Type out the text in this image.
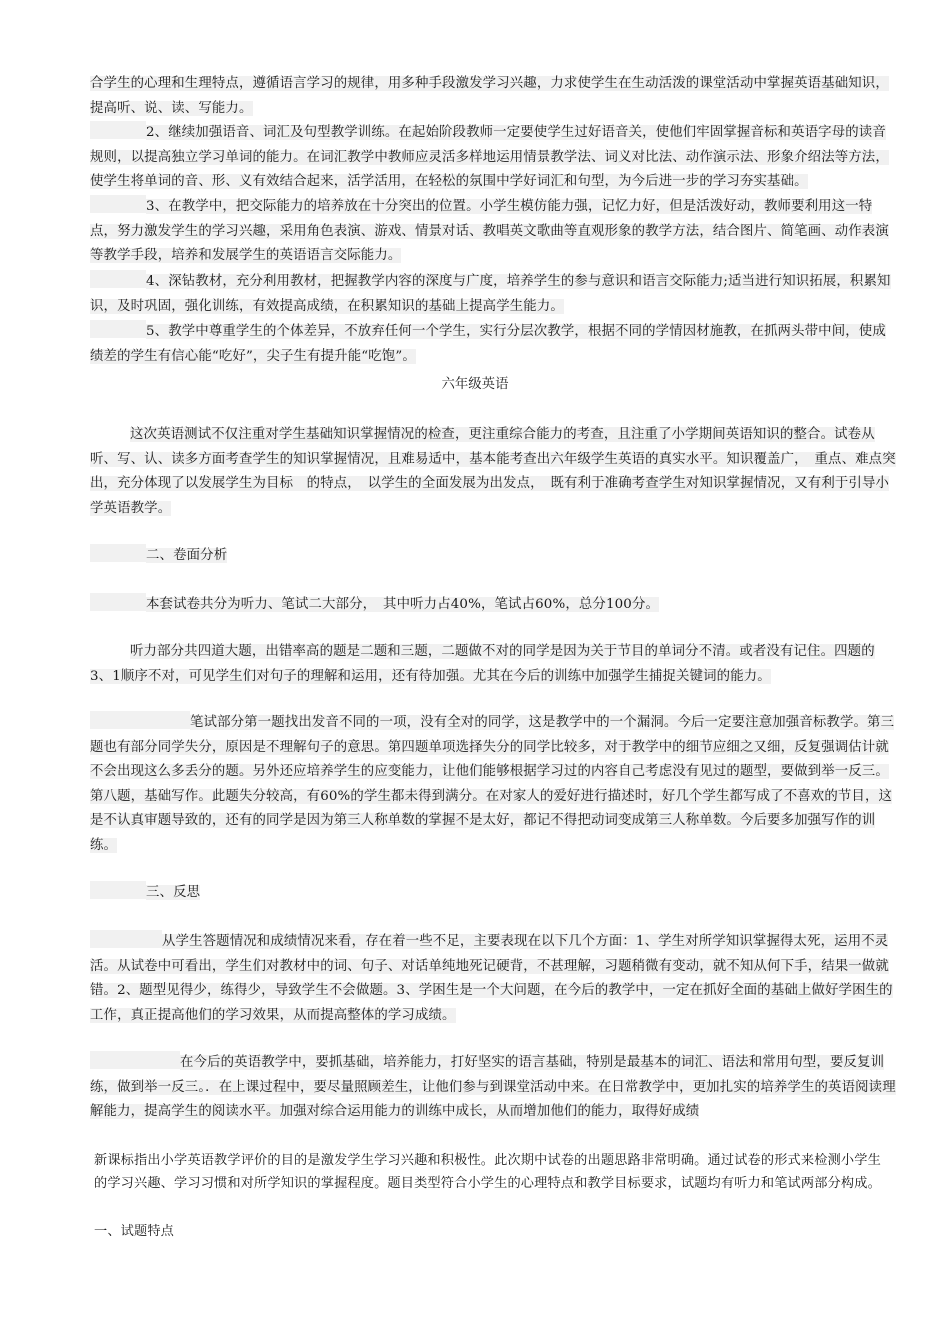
合学生的心理和生理特点，遵循语言学习的规律，用多种手段激发学习兴趣，力求使学生在生动活泼的课堂活动中掌握英语基础知识，提高听、说、读、写能力。

2、继续加强语音、词汇及句型教学训练。在起始阶段教师一定要使学生过好语音关，使他们牢固掌握音标和英语字母的读音规则，以提高独立学习单词的能力。在词汇教学中教师应灵活多样地运用情景教学法、词义对比法、动作演示法、形象介绍法等方法，使学生将单词的音、形、义有效结合起来，活学活用，在轻松的氛围中学好词汇和句型，为今后进一步的学习夯实基础。

3、在教学中，把交际能力的培养放在十分突出的位置。小学生模仿能力强，记忆力好，但是活泼好动，教师要利用这一特点，努力激发学生的学习兴趣，采用角色表演、游戏、情景对话、教唱英文歌曲等直观形象的教学方法，结合图片、简笔画、动作表演等教学手段，培养和发展学生的英语语言交际能力。

4、深钻教材，充分利用教材，把握教学内容的深度与广度，培养学生的参与意识和语言交际能力;适当进行知识拓展，积累知识，及时巩固，强化训练，有效提高成绩，在积累知识的基础上提高学生能力。

5、教学中尊重学生的个体差异，不放弃任何一个学生，实行分层次教学，根据不同的学情因材施教，在抓两头带中间，使成绩差的学生有信心能“吃好”，尖子生有提升能“吃饱”。

六年级英语

这次英语测试不仅注重对学生基础知识掌握情况的检查，更注重综合能力的考查，且注重了小学期间英语知识的整合。试卷从听、写、认、读多方面考查学生的知识掌握情况，且难易适中，基本能考查出六年级学生英语的真实水平。知识覆盖广，　重点、难点突出，充分体现了以发展学生为目标　的特点，　以学生的全面发展为出发点，　既有利于准确考查学生对知识掌握情况，又有利于引导小学英语教学。

二、卷面分析

本套试卷共分为听力、笔试二大部分，　其中听力占40%，笔试占60%，总分100分。

听力部分共四道大题，出错率高的题是二题和三题，二题做不对的同学是因为关于节目的单词分不清。或者没有记住。四题的3、1顺序不对，可见学生们对句子的理解和运用，还有待加强。尤其在今后的训练中加强学生捕捉关键词的能力。

笔试部分第一题找出发音不同的一项，没有全对的同学，这是教学中的一个漏洞。今后一定要注意加强音标教学。第三题也有部分同学失分，原因是不理解句子的意思。第四题单项选择失分的同学比较多，对于教学中的细节应细之又细，反复强调估计就不会出现这么多丢分的题。另外还应培养学生的应变能力，让他们能够根据学习过的内容自己考虑没有见过的题型，要做到举一反三。第八题，基础写作。此题失分较高，有60%的学生都未得到满分。在对家人的爱好进行描述时，好几个学生都写成了不喜欢的节目，这是不认真审题导致的，还有的同学是因为第三人称单数的掌握不是太好，都记不得把动词变成第三人称单数。今后要多加强写作的训练。

三、反思

从学生答题情况和成绩情况来看，存在着一些不足，主要表现在以下几个方面：1、学生对所学知识掌握得太死，运用不灵活。从试卷中可看出，学生们对教材中的词、句子、对话单纯地死记硬背，不甚理解，习题稍微有变动，就不知从何下手，结果一做就错。2、题型见得少，练得少，导致学生不会做题。3、学困生是一个大问题，在今后的教学中，一定在抓好全面的基础上做好学困生的工作，真正提高他们的学习效果，从而提高整体的学习成绩。

在今后的英语教学中，要抓基础，培养能力，打好坚实的语言基础，特别是最基本的词汇、语法和常用句型，要反复训练，做到举一反三。．在上课过程中，要尽量照顾差生，让他们参与到课堂活动中来。在日常教学中，更加扎实的培养学生的英语阅读理解能力，提高学生的阅读水平。加强对综合运用能力的训练中成长，从而增加他们的能力，取得好成绩

新课标指出小学英语教学评价的目的是激发学生学习兴趣和积极性。此次期中试卷的出题思路非常明确。通过试卷的形式来检测小学生的学习兴趣、学习习惯和对所学知识的掌握程度。题目类型符合小学生的心理特点和教学目标要求，试题均有听力和笔试两部分构成。

一、试题特点
